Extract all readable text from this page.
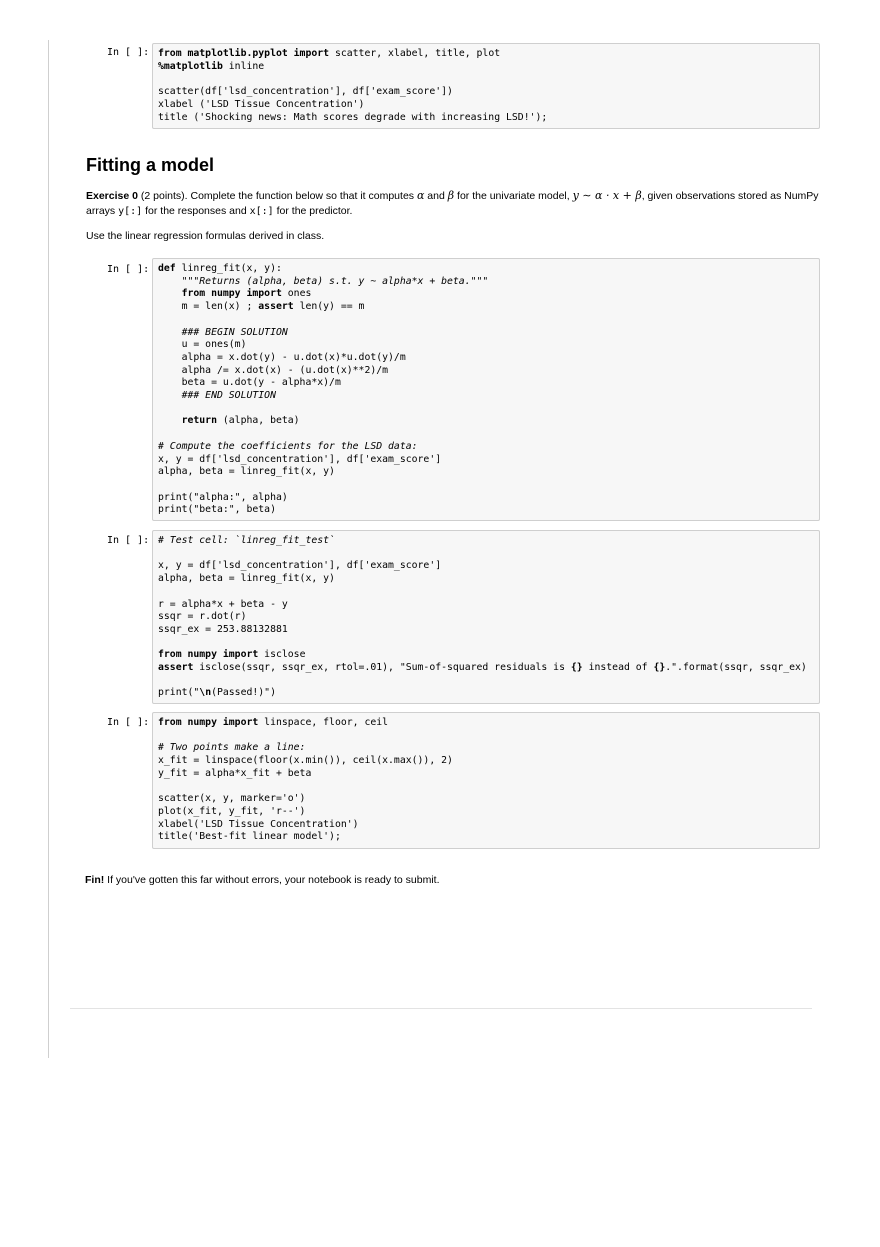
In [ ]: from matplotlib.pyplot import scatter, xlabel, title, plot
%matplotlib inline

scatter(df['lsd_concentration'], df['exam_score'])
xlabel ('LSD Tissue Concentration')
title ('Shocking news: Math scores degrade with increasing LSD!');
Fitting a model
Exercise 0 (2 points). Complete the function below so that it computes α and β for the univariate model, y ∼ α · x + β, given observations stored as NumPy arrays y[:] for the responses and x[:] for the predictor.
Use the linear regression formulas derived in class.
In [ ]: def linreg_fit(x, y):
"""Returns (alpha, beta) s.t. y ~ alpha*x + beta."""
from numpy import ones
m = len(x) ; assert len(y) == m

### BEGIN SOLUTION
u = ones(m)
alpha = x.dot(y) - u.dot(x)*u.dot(y)/m
alpha /= x.dot(x) - (u.dot(x)**2)/m
beta = u.dot(y - alpha*x)/m
### END SOLUTION

return (alpha, beta)

# Compute the coefficients for the LSD data:
x, y = df['lsd_concentration'], df['exam_score']
alpha, beta = linreg_fit(x, y)

print("alpha:", alpha)
print("beta:", beta)
In [ ]: # Test cell: `linreg_fit_test`

x, y = df['lsd_concentration'], df['exam_score']
alpha, beta = linreg_fit(x, y)

r = alpha*x + beta - y
ssqr = r.dot(r)
ssqr_ex = 253.88132881

from numpy import isclose
assert isclose(ssqr, ssqr_ex, rtol=.01), "Sum-of-squared residuals is {} instead of {}.".format(ssqr, ssqr_ex)

print("\n(Passed!)")
In [ ]: from numpy import linspace, floor, ceil

# Two points make a line:
x_fit = linspace(floor(x.min()), ceil(x.max()), 2)
y_fit = alpha*x_fit + beta

scatter(x, y, marker='o')
plot(x_fit, y_fit, 'r--')
xlabel('LSD Tissue Concentration')
title('Best-fit linear model');
Fin! If you've gotten this far without errors, your notebook is ready to submit.
